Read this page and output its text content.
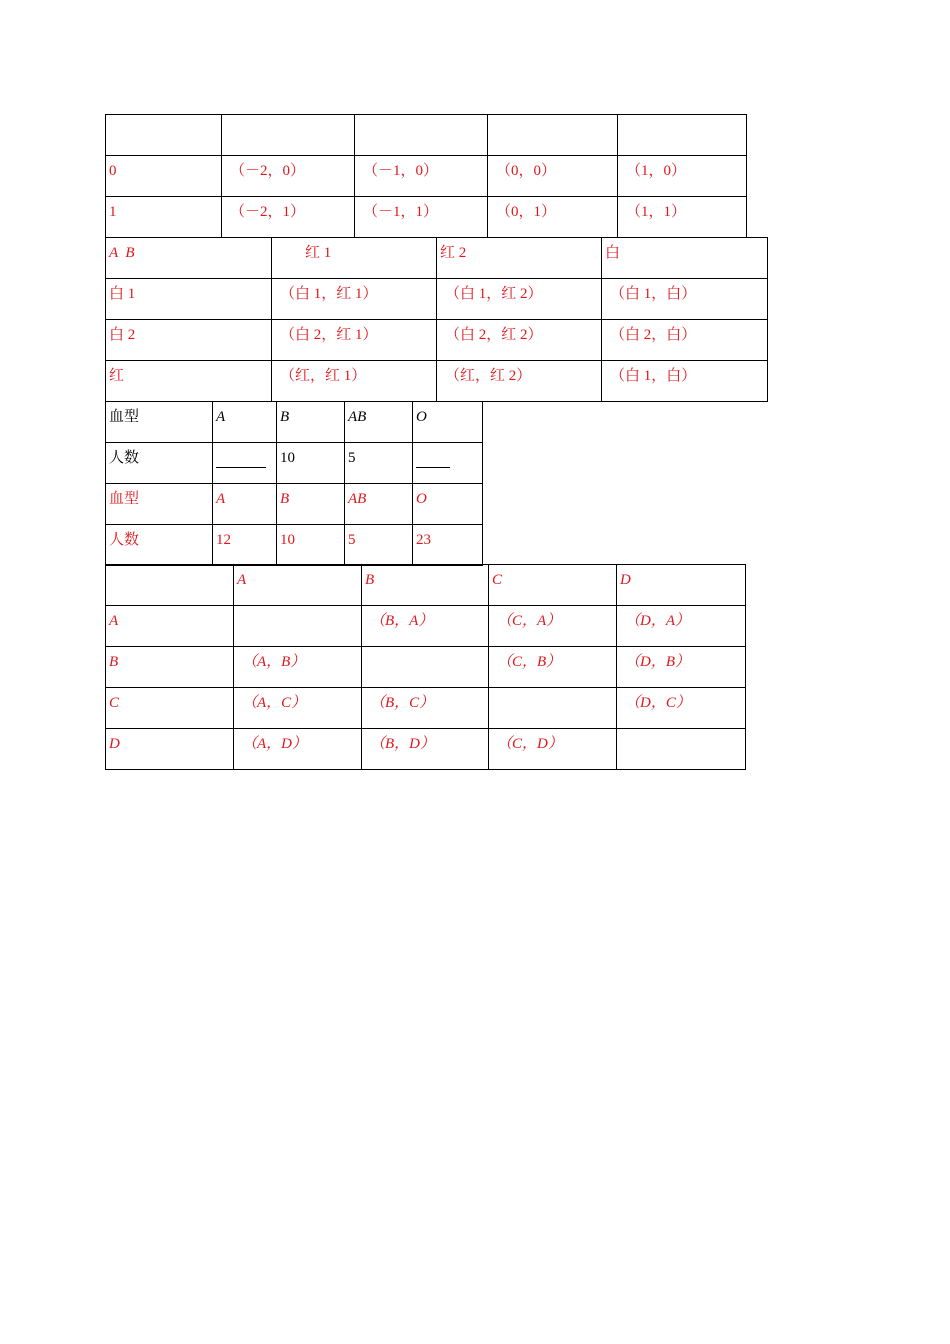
0	（－2，0）	（－1，0）	（0，0）	（1，0）
1	（－2，1）	（－1，1）	（0，1）	（1，1）
A  B	红 1	红 2	白
白 1	（白 1，红 1）	（白 1，红 2）	（白 1，白）
白 2	（白 2，红 1）	（白 2，红 2）	（白 2，白）
红	（红，红 1）	（红，红 2）	（白 1，白）
血型	A	B	AB	O
人数		10	5	
血型	A	B	AB	O
人数	12	10	5	23
	A	B	C	D
A		（B，A）	（C，A）	（D，A）
B	（A，B）		（C，B）	（D，B）
C	（A，C）	（B，C）		（D，C）
D	（A，D）	（B，D）	（C，D）	
